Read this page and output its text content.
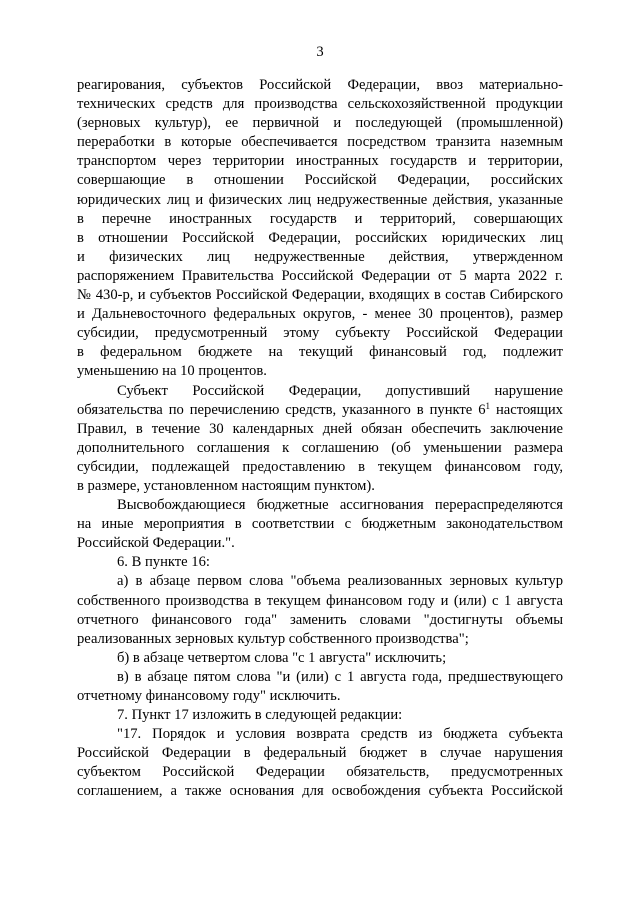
3
реагирования, субъектов Российской Федерации, ввоз материально-
технических средств для производства сельскохозяйственной продукции
(зерновых культур), ее первичной и последующей (промышленной)
переработки в которые обеспечивается посредством транзита наземным
транспортом через территории иностранных государств и территории,
совершающие в отношении Российской Федерации, российских
юридических лиц и физических лиц недружественные действия, указанные
в перечне иностранных государств и территорий, совершающих
в отношении Российской Федерации, российских юридических лиц
и физических лиц недружественные действия, утвержденном
распоряжением Правительства Российской Федерации от 5 марта 2022 г.
№ 430-р, и субъектов Российской Федерации, входящих в состав Сибирского
и Дальневосточного федеральных округов, - менее 30 процентов), размер
субсидии, предусмотренный этому субъекту Российской Федерации
в федеральном бюджете на текущий финансовый год, подлежит
уменьшению на 10 процентов.
Субъект Российской Федерации, допустивший нарушение
обязательства по перечислению средств, указанного в пункте $6^1$ настоящих
Правил, в течение 30 календарных дней обязан обеспечить заключение
дополнительного соглашения к соглашению (об уменьшении размера
субсидии, подлежащей предоставлению в текущем финансовом году,
в размере, установленном настоящим пунктом).
Высвобождающиеся бюджетные ассигнования перераспределяются
на иные мероприятия в соответствии с бюджетным законодательством
Российской Федерации.".
6. В пункте 16:
а) в абзаце первом слова "объема реализованных зерновых культур
собственного производства в текущем финансовом году и (или) с 1 августа
отчетного финансового года" заменить словами "достигнуты объемы
реализованных зерновых культур собственного производства";
б) в абзаце четвертом слова "с 1 августа" исключить;
в) в абзаце пятом слова "и (или) с 1 августа года, предшествующего
отчетному финансовому году" исключить.
7. Пункт 17 изложить в следующей редакции:
"17. Порядок и условия возврата средств из бюджета субъекта
Российской Федерации в федеральный бюджет в случае нарушения
субъектом Российской Федерации обязательств, предусмотренных
соглашением, а также основания для освобождения субъекта Российской
